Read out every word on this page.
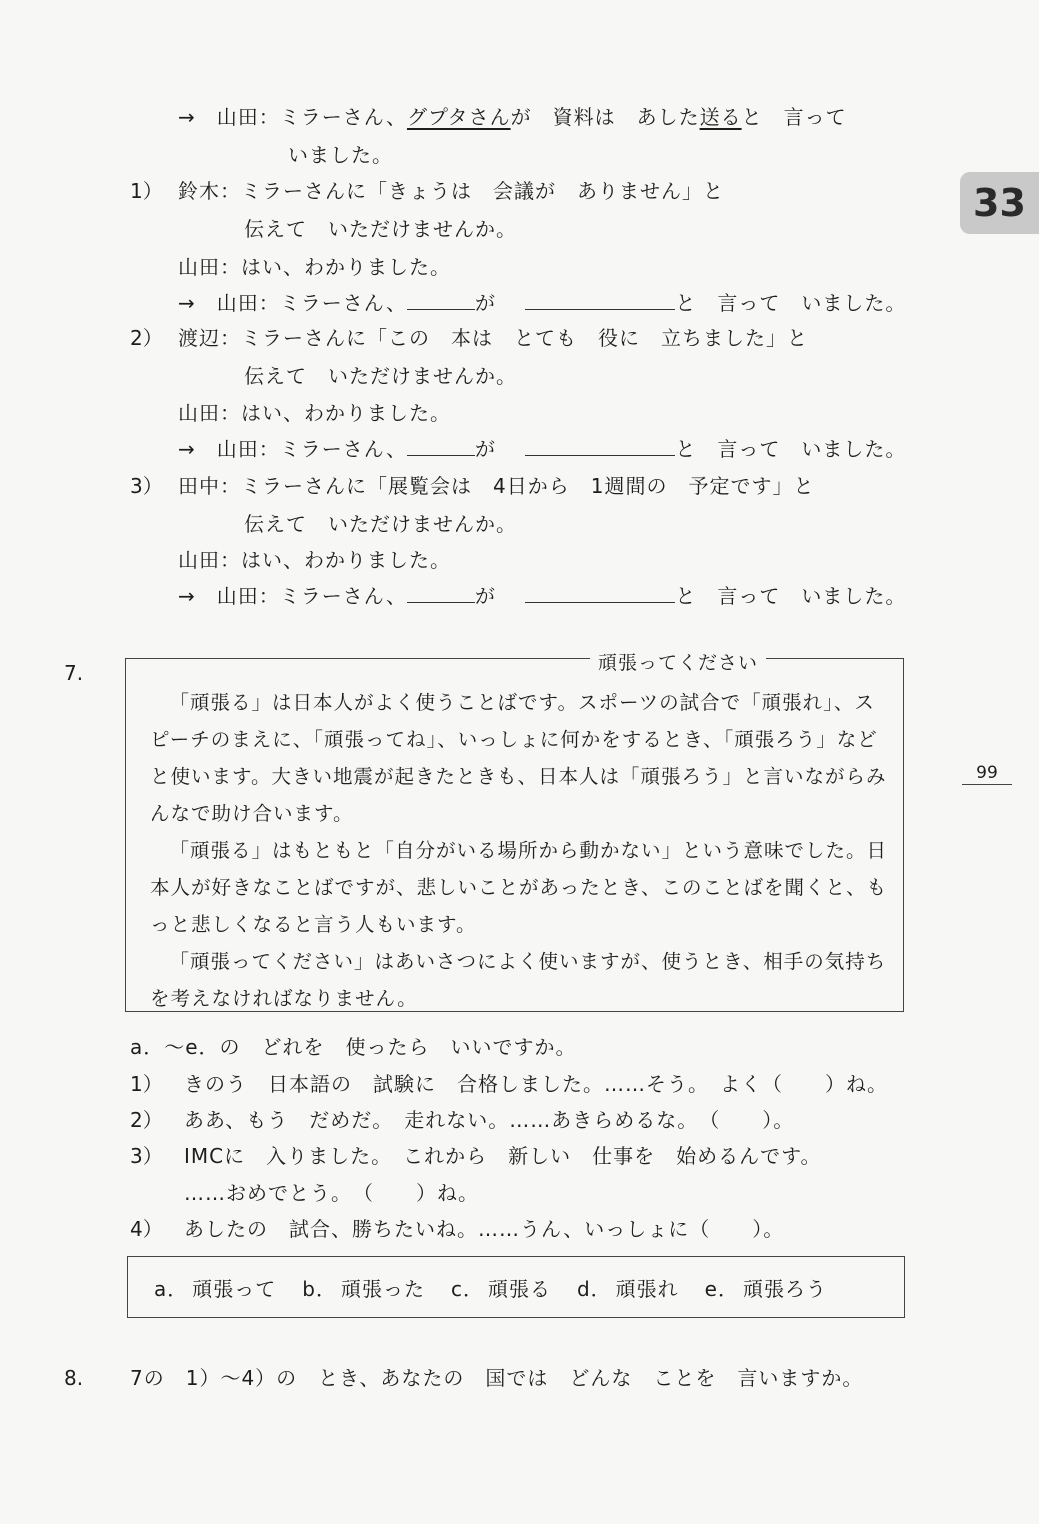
33
99
→　山田：ミラーさん、グプタさんが　資料は　あした送ると　言って
いました。
1） 鈴木：ミラーさんに「きょうは　会議が　ありません」と
伝えて　いただけませんか。
山田：はい、わかりました。
→　山田：ミラーさん、	が	と　言って　いました。
2） 渡辺：ミラーさんに「この　本は　とても　役に　立ちました」と
伝えて　いただけませんか。
山田：はい、わかりました。
→　山田：ミラーさん、	が	と　言って　いました。
3） 田中：ミラーさんに「展覧会は　4日から　1週間の　予定です」と
伝えて　いただけませんか。
山田：はい、わかりました。
→　山田：ミラーさん、	が	と　言って　いました。
7.	頑張ってください

「頑張る」は日本人がよく使うことばです。スポーツの試合で「頑張れ」、スピーチのまえに、「頑張ってね」、いっしょに何かをするとき、「頑張ろう」などと使います。大きい地震が起きたときも、日本人は「頑張ろう」と言いながらみんなで助け合います。

「頑張る」はもともと「自分がいる場所から動かない」という意味でした。日本人が好きなことばですが、悲しいことがあったとき、このことばを聞くと、もっと悲しくなると言う人もいます。

「頑張ってください」はあいさつによく使いますが、使うとき、相手の気持ちを考えなければなりません。

a．～e．の　どれを　使ったら　いいですか。
1） きのう　日本語の　試験に　合格しました。……そう。　よく（　　）ね。
2） ああ、もう　だめだ。　走れない。……あきらめるな。　（　　）。
3） IMCに　入りました。　これから　新しい　仕事を　始めるんです。
……おめでとう。　（　　）ね。
4） あしたの　試合、勝ちたいね。……うん、いっしょに（　　）。
a． 頑張って b． 頑張った c． 頑張る d． 頑張れ e． 頑張ろう
8. 7の　1）～4）の　とき、あなたの　国では　どんな　ことを　言いますか。
